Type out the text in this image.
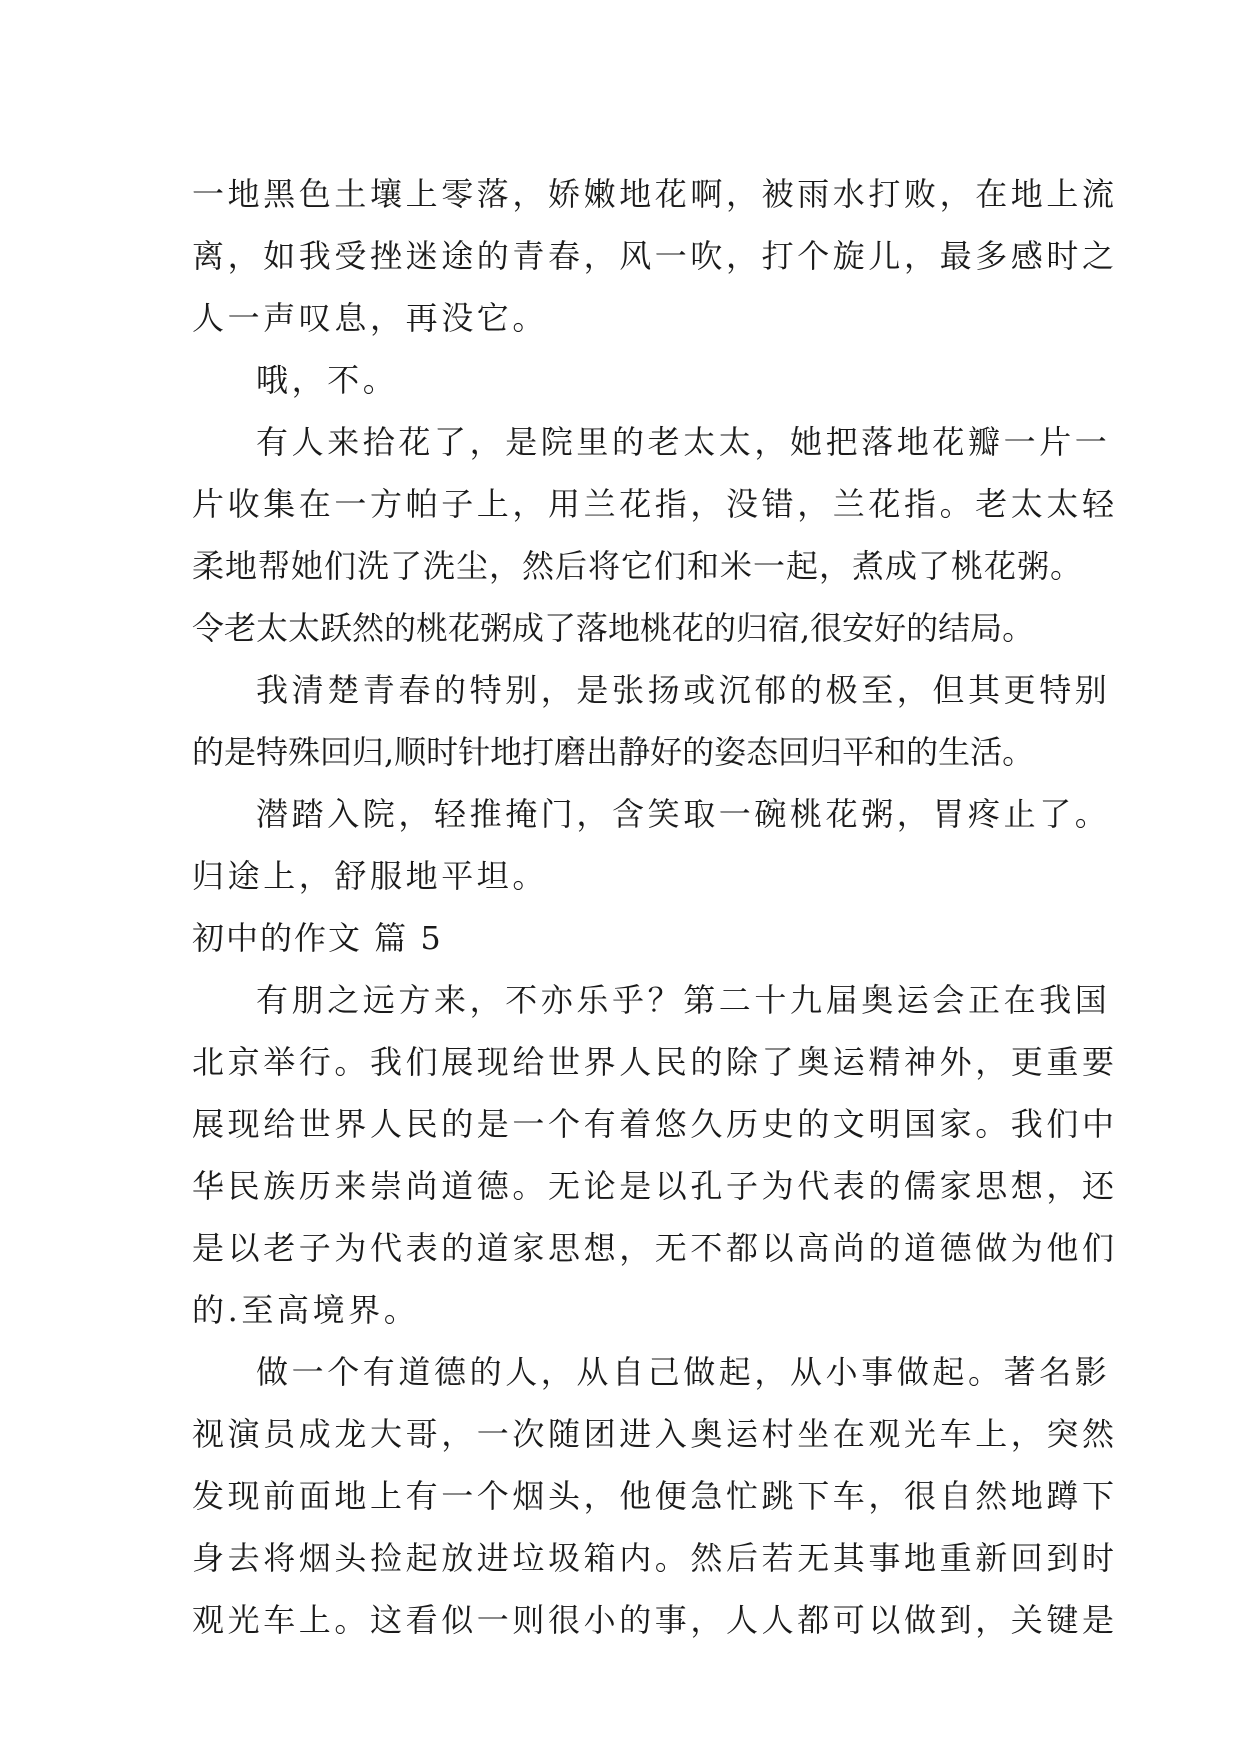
一地黑色土壤上零落，娇嫩地花啊，被雨水打败，在地上流
离，如我受挫迷途的青春，风一吹，打个旋儿，最多感时之
人一声叹息，再没它。
哦，不。
有人来拾花了，是院里的老太太，她把落地花瓣一片一
片收集在一方帕子上，用兰花指，没错，兰花指。老太太轻
柔地帮她们洗了洗尘，然后将它们和米一起，煮成了桃花粥。
令老太太跃然的桃花粥成了落地桃花的归宿,很安好的结局。
我清楚青春的特别，是张扬或沉郁的极至，但其更特别
的是特殊回归,顺时针地打磨出静好的姿态回归平和的生活。
潜踏入院，轻推掩门，含笑取一碗桃花粥，胃疼止了。
归途上，舒服地平坦。
初中的作文 篇 5
有朋之远方来，不亦乐乎？第二十九届奥运会正在我国
北京举行。我们展现给世界人民的除了奥运精神外，更重要
展现给世界人民的是一个有着悠久历史的文明国家。我们中
华民族历来崇尚道德。无论是以孔子为代表的儒家思想，还
是以老子为代表的道家思想，无不都以高尚的道德做为他们
的.至高境界。
做一个有道德的人，从自己做起，从小事做起。著名影
视演员成龙大哥，一次随团进入奥运村坐在观光车上，突然
发现前面地上有一个烟头，他便急忙跳下车，很自然地蹲下
身去将烟头捡起放进垃圾箱内。然后若无其事地重新回到时
观光车上。这看似一则很小的事，人人都可以做到，关键是
